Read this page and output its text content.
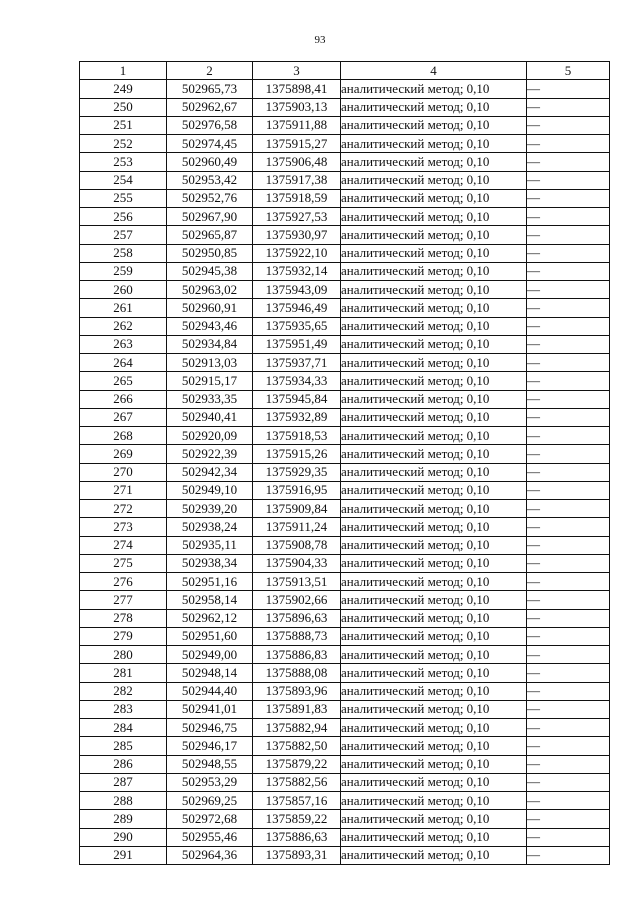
93
1	2	3	4	5
249	502965,73	1375898,41	аналитический метод; 0,10	—
250	502962,67	1375903,13	аналитический метод; 0,10	—
251	502976,58	1375911,88	аналитический метод; 0,10	—
252	502974,45	1375915,27	аналитический метод; 0,10	—
253	502960,49	1375906,48	аналитический метод; 0,10	—
254	502953,42	1375917,38	аналитический метод; 0,10	—
255	502952,76	1375918,59	аналитический метод; 0,10	—
256	502967,90	1375927,53	аналитический метод; 0,10	—
257	502965,87	1375930,97	аналитический метод; 0,10	—
258	502950,85	1375922,10	аналитический метод; 0,10	—
259	502945,38	1375932,14	аналитический метод; 0,10	—
260	502963,02	1375943,09	аналитический метод; 0,10	—
261	502960,91	1375946,49	аналитический метод; 0,10	—
262	502943,46	1375935,65	аналитический метод; 0,10	—
263	502934,84	1375951,49	аналитический метод; 0,10	—
264	502913,03	1375937,71	аналитический метод; 0,10	—
265	502915,17	1375934,33	аналитический метод; 0,10	—
266	502933,35	1375945,84	аналитический метод; 0,10	—
267	502940,41	1375932,89	аналитический метод; 0,10	—
268	502920,09	1375918,53	аналитический метод; 0,10	—
269	502922,39	1375915,26	аналитический метод; 0,10	—
270	502942,34	1375929,35	аналитический метод; 0,10	—
271	502949,10	1375916,95	аналитический метод; 0,10	—
272	502939,20	1375909,84	аналитический метод; 0,10	—
273	502938,24	1375911,24	аналитический метод; 0,10	—
274	502935,11	1375908,78	аналитический метод; 0,10	—
275	502938,34	1375904,33	аналитический метод; 0,10	—
276	502951,16	1375913,51	аналитический метод; 0,10	—
277	502958,14	1375902,66	аналитический метод; 0,10	—
278	502962,12	1375896,63	аналитический метод; 0,10	—
279	502951,60	1375888,73	аналитический метод; 0,10	—
280	502949,00	1375886,83	аналитический метод; 0,10	—
281	502948,14	1375888,08	аналитический метод; 0,10	—
282	502944,40	1375893,96	аналитический метод; 0,10	—
283	502941,01	1375891,83	аналитический метод; 0,10	—
284	502946,75	1375882,94	аналитический метод; 0,10	—
285	502946,17	1375882,50	аналитический метод; 0,10	—
286	502948,55	1375879,22	аналитический метод; 0,10	—
287	502953,29	1375882,56	аналитический метод; 0,10	—
288	502969,25	1375857,16	аналитический метод; 0,10	—
289	502972,68	1375859,22	аналитический метод; 0,10	—
290	502955,46	1375886,63	аналитический метод; 0,10	—
291	502964,36	1375893,31	аналитический метод; 0,10	—
